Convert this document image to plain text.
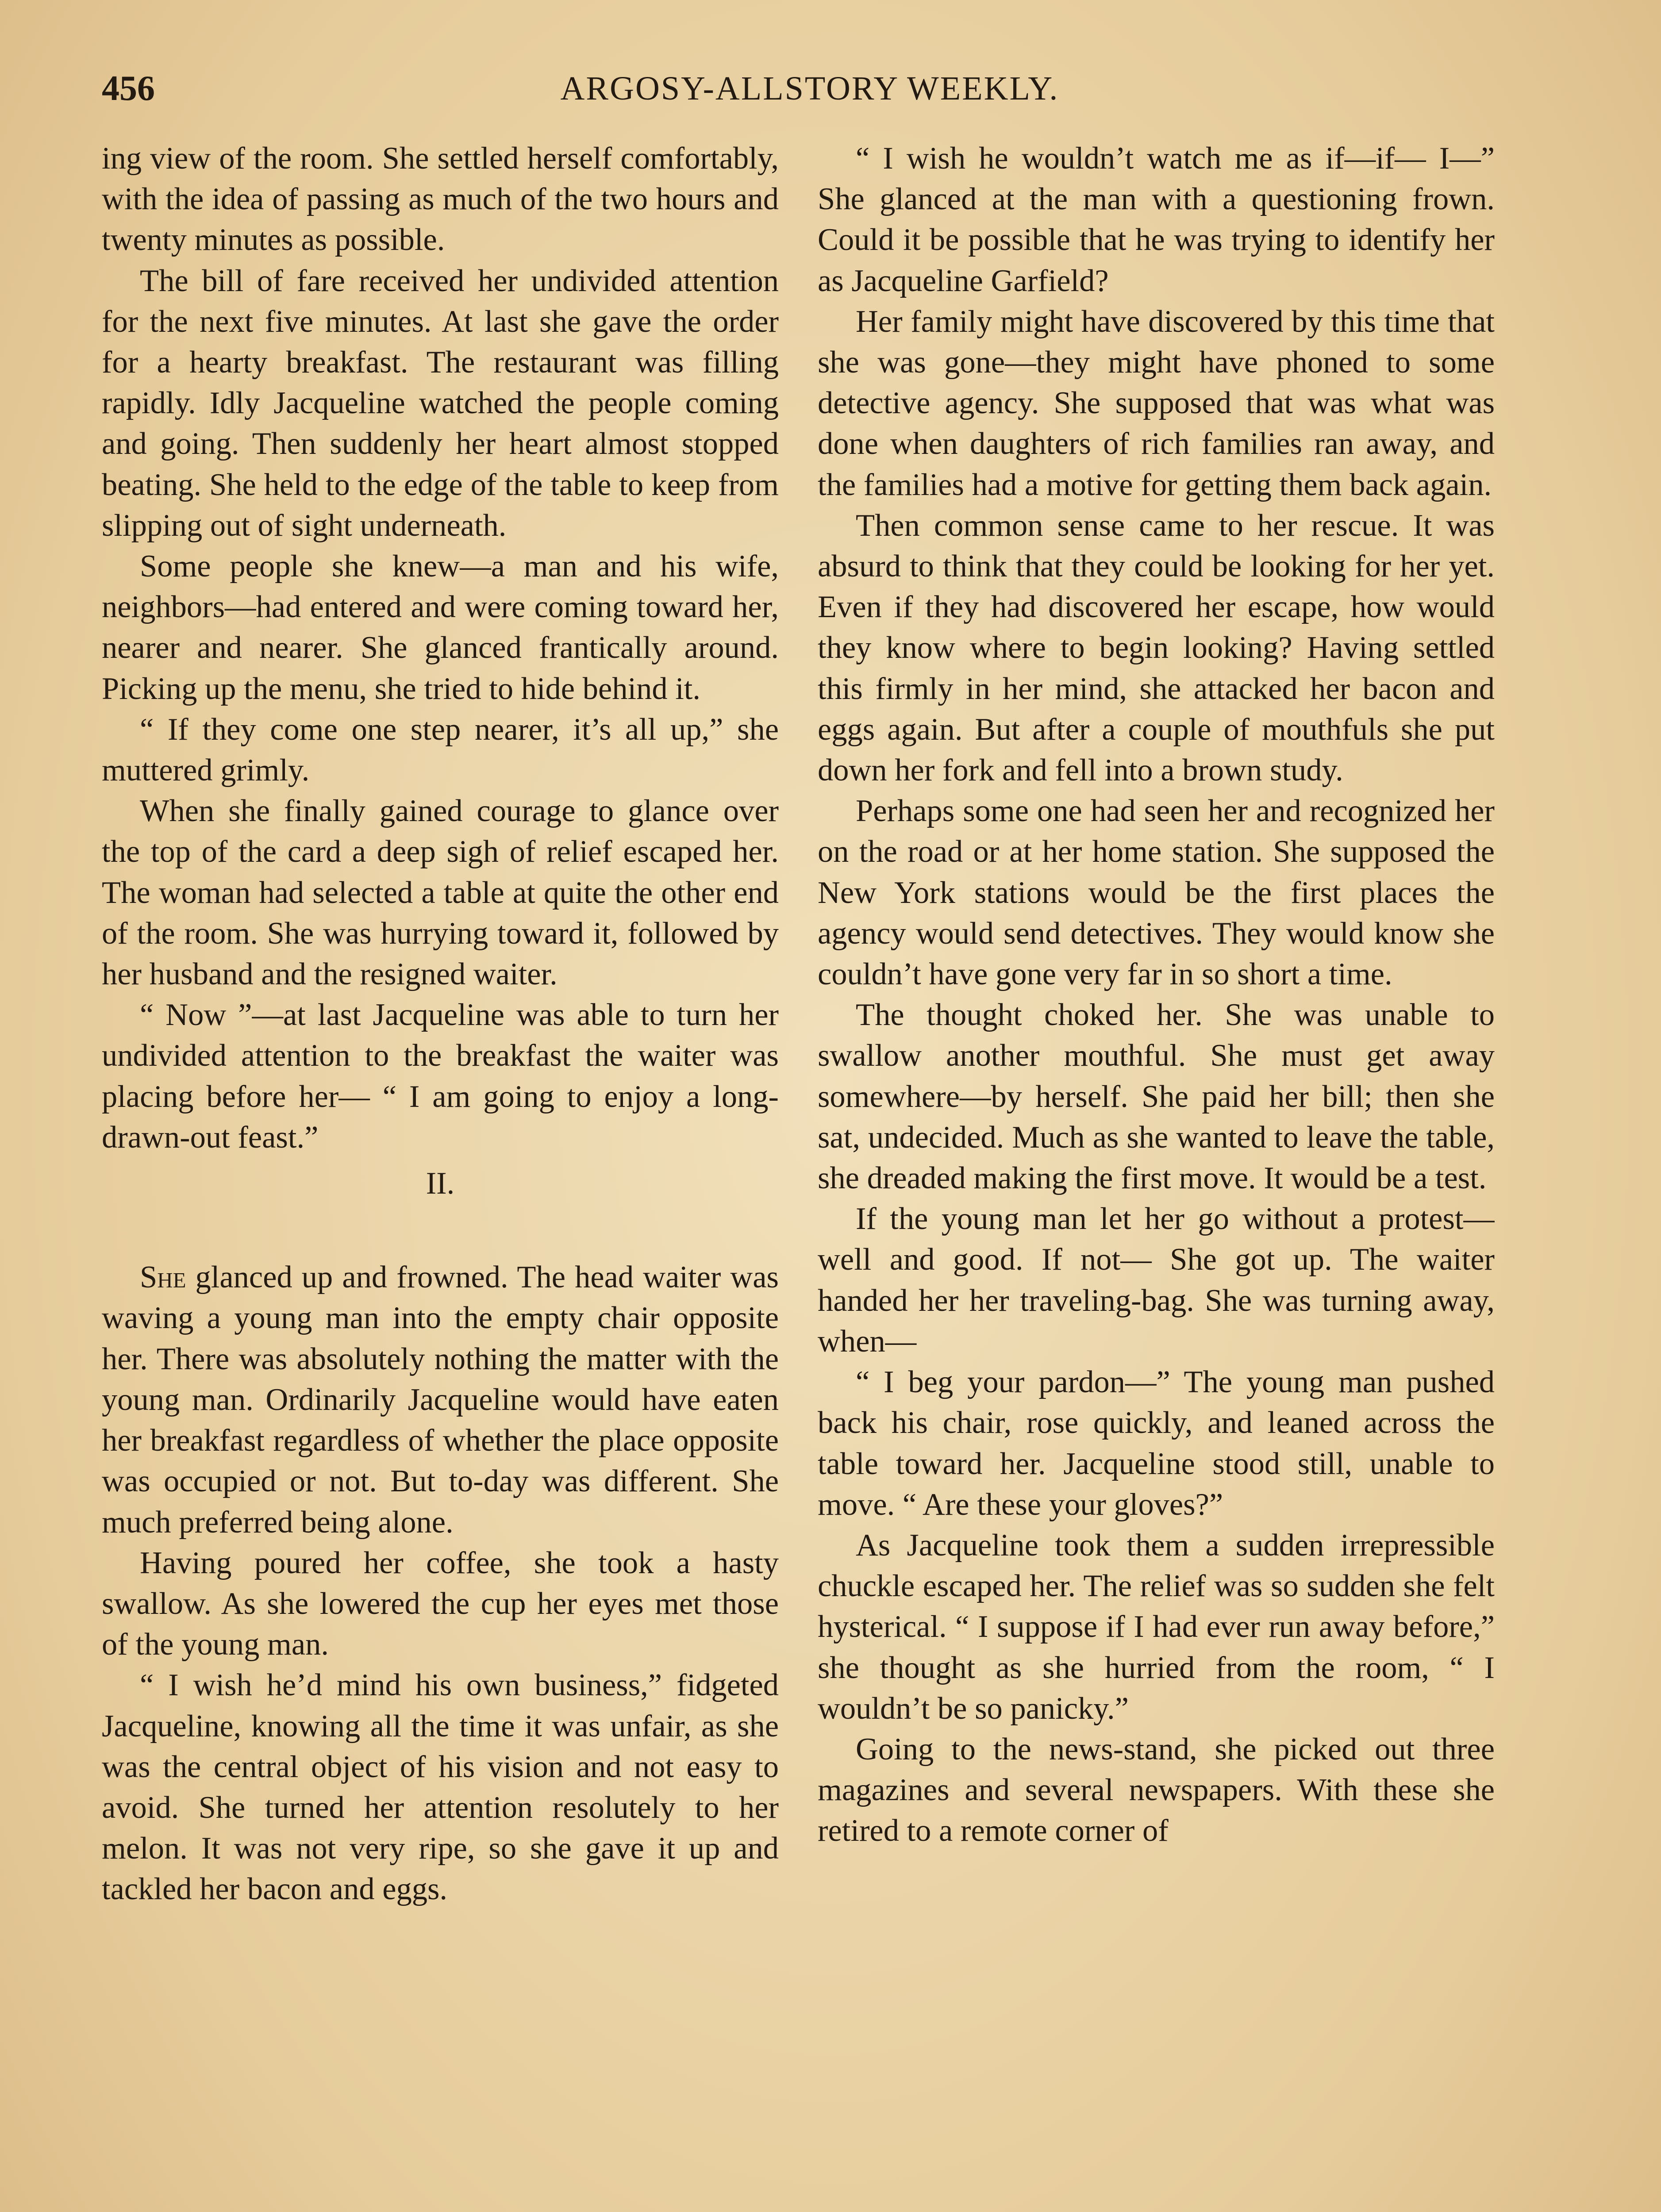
456	ARGOSY-ALLSTORY WEEKLY.

ing view of the room. She settled herself comfortably, with the idea of passing as much of the two hours and twenty minutes as possible.

The bill of fare received her undivided attention for the next five minutes. At last she gave the order for a hearty breakfast. The restaurant was filling rapidly. Idly Jacqueline watched the people coming and going. Then suddenly her heart almost stopped beating. She held to the edge of the table to keep from slipping out of sight underneath.

Some people she knew—a man and his wife, neighbors—had entered and were coming toward her, nearer and nearer. She glanced frantically around. Picking up the menu, she tried to hide behind it.

“ If they come one step nearer, it’s all up,” she muttered grimly.

When she finally gained courage to glance over the top of the card a deep sigh of relief escaped her. The woman had selected a table at quite the other end of the room. She was hurrying toward it, followed by her husband and the resigned waiter.

“ Now ”—at last Jacqueline was able to turn her undivided attention to the breakfast the waiter was placing before her— “ I am going to enjoy a long-drawn-out feast.”

II.

She glanced up and frowned. The head waiter was waving a young man into the empty chair opposite her. There was absolutely nothing the matter with the young man. Ordinarily Jacqueline would have eaten her breakfast regardless of whether the place opposite was occupied or not. But to-day was different. She much preferred being alone.

Having poured her coffee, she took a hasty swallow. As she lowered the cup her eyes met those of the young man.

“ I wish he’d mind his own business,” fidgeted Jacqueline, knowing all the time it was unfair, as she was the central object of his vision and not easy to avoid. She turned her attention resolutely to her melon. It was not very ripe, so she gave it up and tackled her bacon and eggs.

“ I wish he wouldn’t watch me as if—if— I—” She glanced at the man with a questioning frown. Could it be possible that he was trying to identify her as Jacqueline Garfield?

Her family might have discovered by this time that she was gone—they might have phoned to some detective agency. She supposed that was what was done when daughters of rich families ran away, and the families had a motive for getting them back again.

Then common sense came to her rescue. It was absurd to think that they could be looking for her yet. Even if they had discovered her escape, how would they know where to begin looking? Having settled this firmly in her mind, she attacked her bacon and eggs again. But after a couple of mouthfuls she put down her fork and fell into a brown study.

Perhaps some one had seen her and recognized her on the road or at her home station. She supposed the New York stations would be the first places the agency would send detectives. They would know she couldn’t have gone very far in so short a time.

The thought choked her. She was unable to swallow another mouthful. She must get away somewhere—by herself. She paid her bill; then she sat, undecided. Much as she wanted to leave the table, she dreaded making the first move. It would be a test.

If the young man let her go without a protest—well and good. If not— She got up. The waiter handed her her traveling-bag. She was turning away, when—

“ I beg your pardon—” The young man pushed back his chair, rose quickly, and leaned across the table toward her. Jacqueline stood still, unable to move. “ Are these your gloves?”

As Jacqueline took them a sudden irrepressible chuckle escaped her. The relief was so sudden she felt hysterical. “ I suppose if I had ever run away before,” she thought as she hurried from the room, “ I wouldn’t be so panicky.”

Going to the news-stand, she picked out three magazines and several newspapers. With these she retired to a remote corner of
